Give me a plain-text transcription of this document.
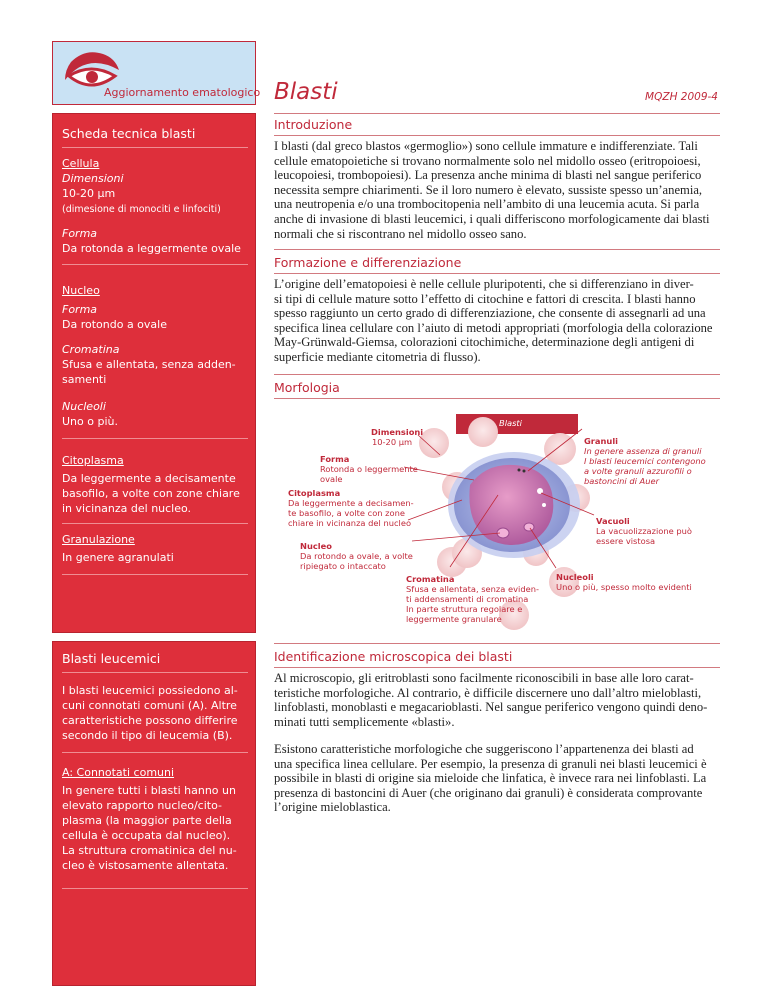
Aggiornamento ematologico Blasti	MQZH 2009-4
Scheda tecnica blasti
Cellula
Dimensioni
10-20 µm
(dimesione di monociti e linfociti)
Forma
Da rotonda a leggermente ovale
Nucleo
Forma
Da rotondo a ovale
Cromatina
Sfusa e allentata, senza adden-
samenti
Nucleoli
Uno o più.
Citoplasma
Da leggermente a decisamente
basofilo, a volte con zone chiare
in vicinanza del nucleo.
Granulazione
In genere agranulati
Blasti leucemici
I blasti leucemici possiedono al-
cuni connotati comuni (A). Altre
caratteristiche possono differire
secondo il tipo di leucemia (B).
A: Connotati comuni
In genere tutti i blasti hanno un
elevato rapporto nucleo/cito-
plasma (la maggior parte della
cellula è occupata dal nucleo).
La struttura cromatinica del nu-
cleo è vistosamente allentata.
Introduzione
I blasti (dal greco blastos «germoglio») sono cellule immature e indifferenziate. Tali
cellule ematopoietiche si trovano normalmente solo nel midollo osseo (eritropoioesi,
leucopoiesi, trombopoiesi). La presenza anche minima di blasti nel sangue periferico
necessita sempre chiarimenti. Se il loro numero è elevato, sussiste spesso un’anemia,
una neutropenia e/o una trombocitopenia nell’ambito di una leucemia acuta. Si parla
anche di invasione di blasti leucemici, i quali differiscono morfologicamente dai blasti
normali che si riscontrano nel midollo osseo sano.
Formazione e differenziazione
L’origine dell’ematopoiesi è nelle cellule pluripotenti, che si differenziano in diver-
si tipi di cellule mature sotto l’effetto di citochine e fattori di crescita. I blasti hanno
spesso raggiunto un certo grado di differenziazione, che consente di assegnarli ad una
specifica linea cellulare con l’aiuto di metodi appropriati (morfologia della colorazione
May-Grünwald-Giemsa, colorazioni citochimiche, determinazione degli antigeni di
superficie mediante citometria di flusso).
Morfologia
Blasti
Dimensioni
10-20 µm
Forma
Rotonda o leggermente
ovale
Citoplasma
Da leggermente a decisamen-
te basofilo, a volte con zone
chiare in vicinanza del nucleo
Nucleo
Da rotondo a ovale, a volte
ripiegato o intaccato
Cromatina
Sfusa e allentata, senza eviden-
ti addensamenti di cromatina
In parte struttura regolare e
leggermente granulare
Nucleoli
Uno o più, spesso molto evidenti
Vacuoli
La vacuolizzazione può
essere vistosa
Granuli
In genere assenza di granuli
I blasti leucemici contengono
a volte granuli azzurofili o
bastoncini di Auer
Identificazione microscopica dei blasti
Al microscopio, gli eritroblasti sono facilmente riconoscibili in base alle loro carat-
teristiche morfologiche. Al contrario, è difficile discernere uno dall’altro mieloblasti,
linfoblasti, monoblasti e megacarioblasti. Nel sangue periferico vengono quindi deno-
minati tutti semplicemente «blasti».
Esistono caratteristiche morfologiche che suggeriscono l’appartenenza dei blasti ad
una specifica linea cellulare. Per esempio, la presenza di granuli nei blasti leucemici è
possibile in blasti di origine sia mieloide che linfatica, è invece rara nei linfoblasti. La
presenza di bastoncini di Auer (che originano dai granuli) è considerata comprovante
l’origine mieloblastica.
